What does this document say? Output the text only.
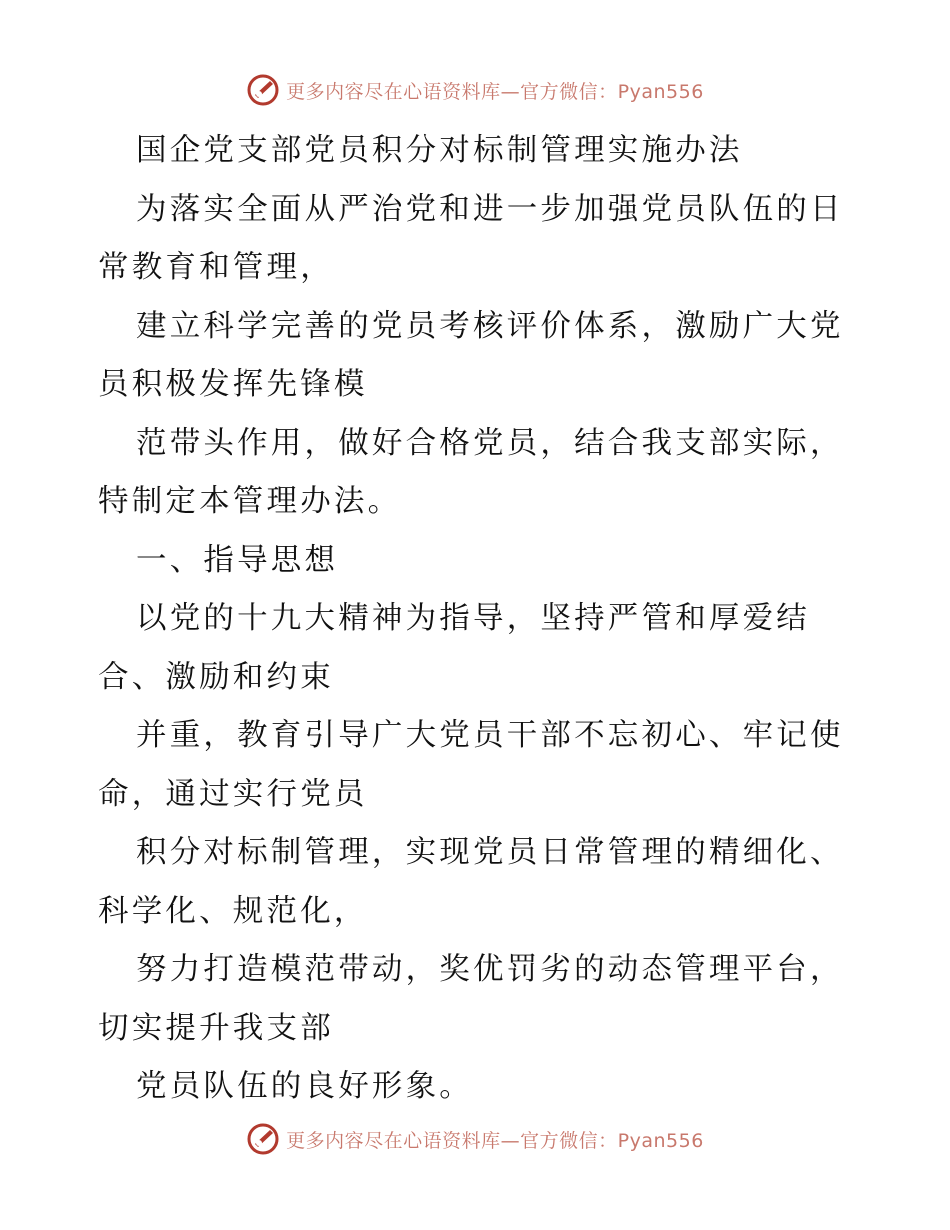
更多内容尽在心语资料库—官方微信：Pyan556
国企党支部党员积分对标制管理实施办法
为落实全面从严治党和进一步加强党员队伍的日
常教育和管理，
建立科学完善的党员考核评价体系，激励广大党
员积极发挥先锋模
范带头作用，做好合格党员，结合我支部实际，
特制定本管理办法。
一、指导思想
以党的十九大精神为指导，坚持严管和厚爱结
合、激励和约束
并重，教育引导广大党员干部不忘初心、牢记使
命，通过实行党员
积分对标制管理，实现党员日常管理的精细化、
科学化、规范化，
努力打造模范带动，奖优罚劣的动态管理平台，
切实提升我支部
党员队伍的良好形象。
更多内容尽在心语资料库—官方微信：Pyan556
